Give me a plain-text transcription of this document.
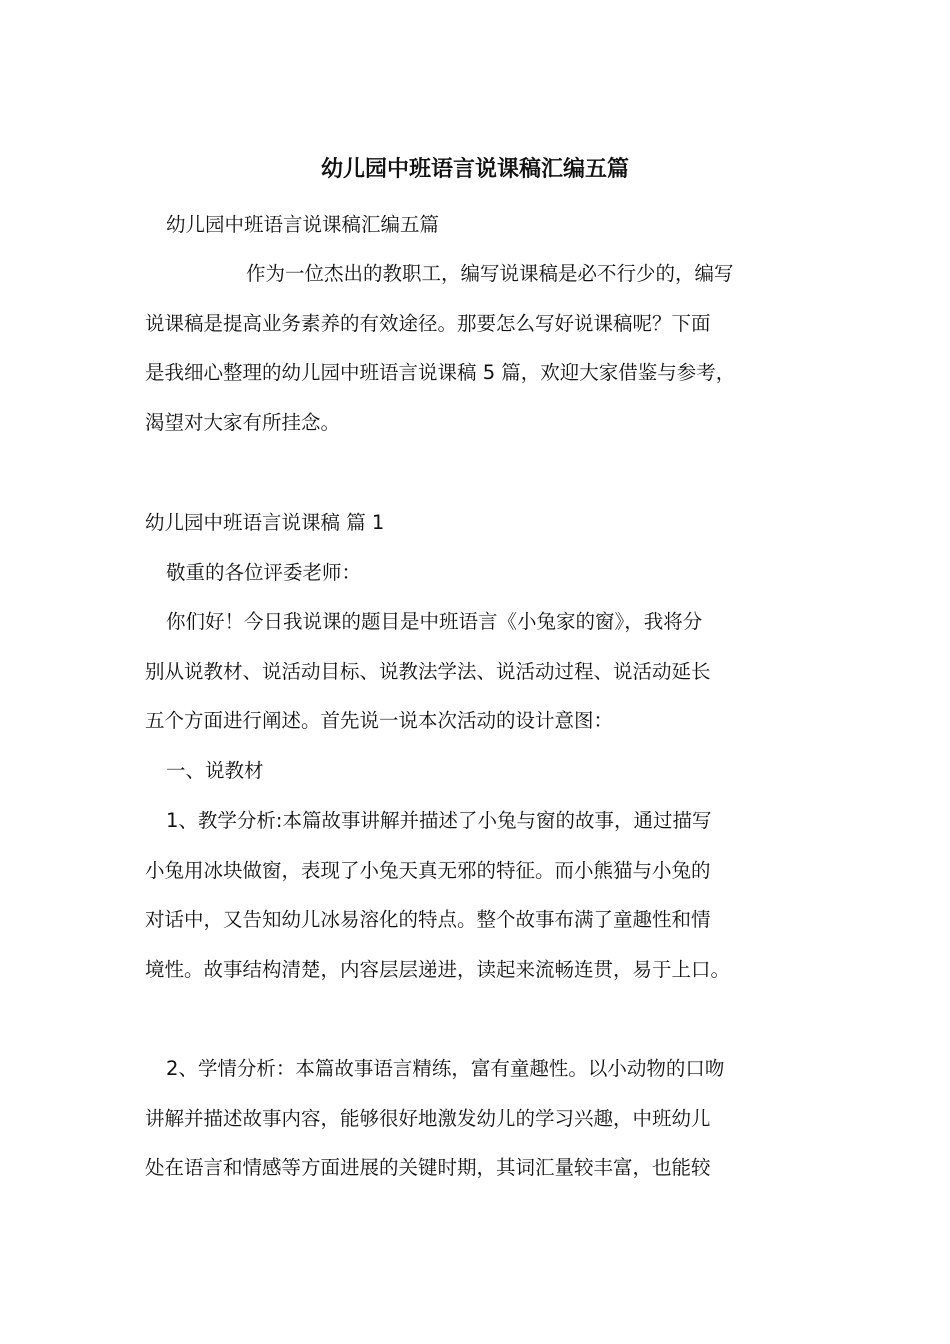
幼儿园中班语言说课稿汇编五篇

幼儿园中班语言说课稿汇编五篇

作为一位杰出的教职工，编写说课稿是必不行少的，编写

说课稿是提高业务素养的有效途径。那要怎么写好说课稿呢？下面

是我细心整理的幼儿园中班语言说课稿 5 篇，欢迎大家借鉴与参考，

渴望对大家有所挂念。

幼儿园中班语言说课稿 篇 1

敬重的各位评委老师：

你们好！今日我说课的题目是中班语言《小兔家的窗》，我将分

别从说教材、说活动目标、说教法学法、说活动过程、说活动延长

五个方面进行阐述。首先说一说本次活动的设计意图：

一、说教材

1、教学分析:本篇故事讲解并描述了小兔与窗的故事，通过描写

小兔用冰块做窗，表现了小兔天真无邪的特征。而小熊猫与小兔的

对话中，又告知幼儿冰易溶化的特点。整个故事布满了童趣性和情

境性。故事结构清楚，内容层层递进，读起来流畅连贯，易于上口。

2、学情分析：本篇故事语言精练，富有童趣性。以小动物的口吻

讲解并描述故事内容，能够很好地激发幼儿的学习兴趣，中班幼儿

处在语言和情感等方面进展的关键时期，其词汇量较丰富，也能较
